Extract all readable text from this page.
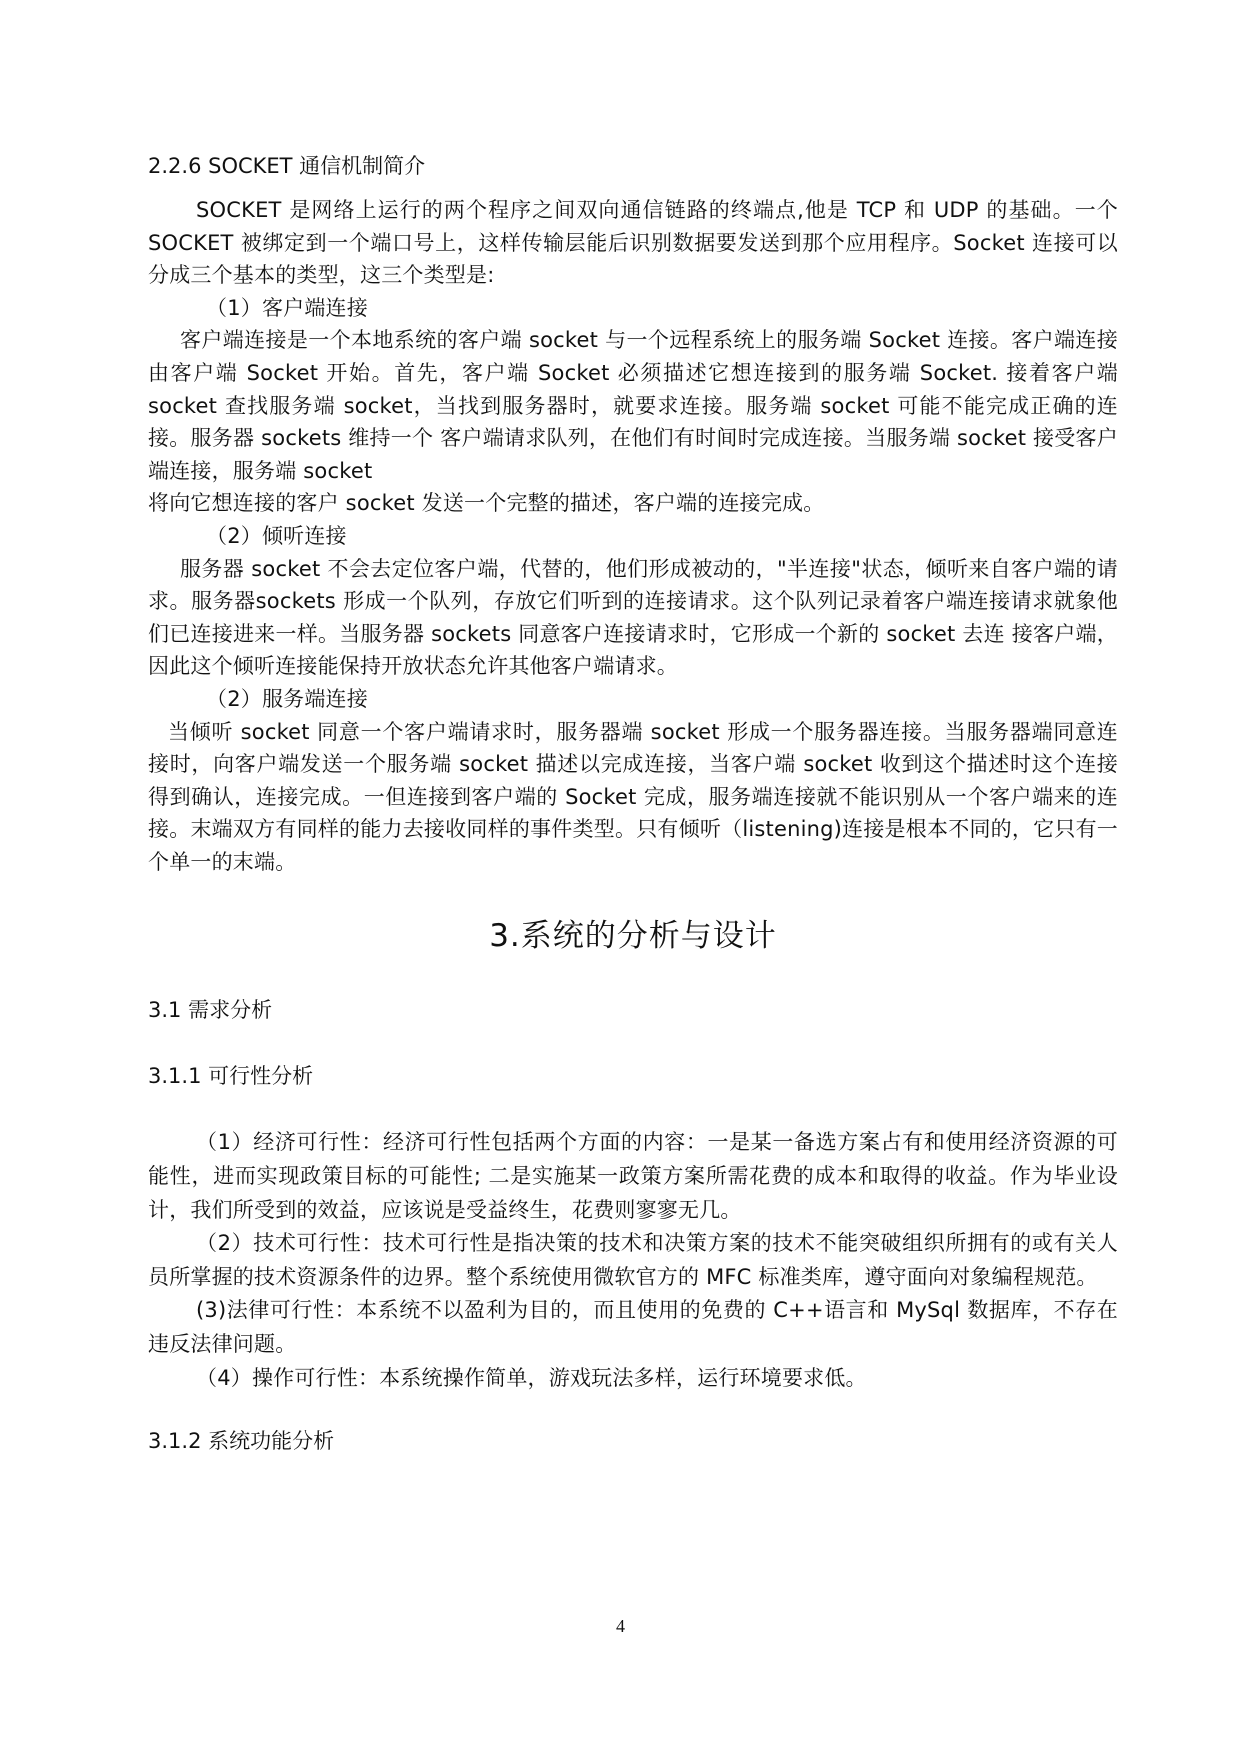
2.2.6 SOCKET 通信机制简介

SOCKET 是网络上运行的两个程序之间双向通信链路的终端点,他是 TCP 和 UDP 的基础。一个 SOCKET 被绑定到一个端口号上，这样传输层能后识别数据要发送到那个应用程序。Socket 连接可以分成三个基本的类型，这三个类型是:

（1）客户端连接

客户端连接是一个本地系统的客户端 socket 与一个远程系统上的服务端 Socket 连接。客户端连接由客户端 Socket 开始。首先，客户端 Socket 必须描述它想连接到的服务端 Socket. 接着客户端 socket 查找服务端 socket，当找到服务器时，就要求连接。服务端 socket 可能不能完成正确的连接。服务器 sockets 维持一个 客户端请求队列，在他们有时间时完成连接。当服务端 socket 接受客户端连接，服务端 socket

将向它想连接的客户 socket 发送一个完整的描述，客户端的连接完成。

（2）倾听连接

服务器 socket 不会去定位客户端，代替的，他们形成被动的，"半连接"状态，倾听来自客户端的请求。服务器sockets 形成一个队列，存放它们听到的连接请求。这个队列记录着客户端连接请求就象他们已连接进来一样。当服务器 sockets 同意客户连接请求时，它形成一个新的 socket 去连 接客户端，因此这个倾听连接能保持开放状态允许其他客户端请求。

（2）服务端连接

当倾听 socket 同意一个客户端请求时，服务器端 socket 形成一个服务器连接。当服务器端同意连接时，向客户端发送一个服务端 socket 描述以完成连接，当客户端 socket 收到这个描述时这个连接得到确认，连接完成。一但连接到客户端的 Socket 完成，服务端连接就不能识别从一个客户端来的连 接。末端双方有同样的能力去接收同样的事件类型。只有倾听（listening)连接是根本不同的，它只有一个单一的末端。

3.系统的分析与设计
3.1 需求分析
3.1.1 可行性分析

（1）经济可行性：经济可行性包括两个方面的内容：一是某一备选方案占有和使用经济资源的可能性，进而实现政策目标的可能性; 二是实施某一政策方案所需花费的成本和取得的收益。作为毕业设计，我们所受到的效益，应该说是受益终生，花费则寥寥无几。

（2）技术可行性：技术可行性是指决策的技术和决策方案的技术不能突破组织所拥有的或有关人员所掌握的技术资源条件的边界。整个系统使用微软官方的 MFC 标准类库，遵守面向对象编程规范。

(3)法律可行性：本系统不以盈利为目的，而且使用的免费的 C++语言和 MySql 数据库，不存在违反法律问题。

（4）操作可行性：本系统操作简单，游戏玩法多样，运行环境要求低。

3.1.2 系统功能分析
4
